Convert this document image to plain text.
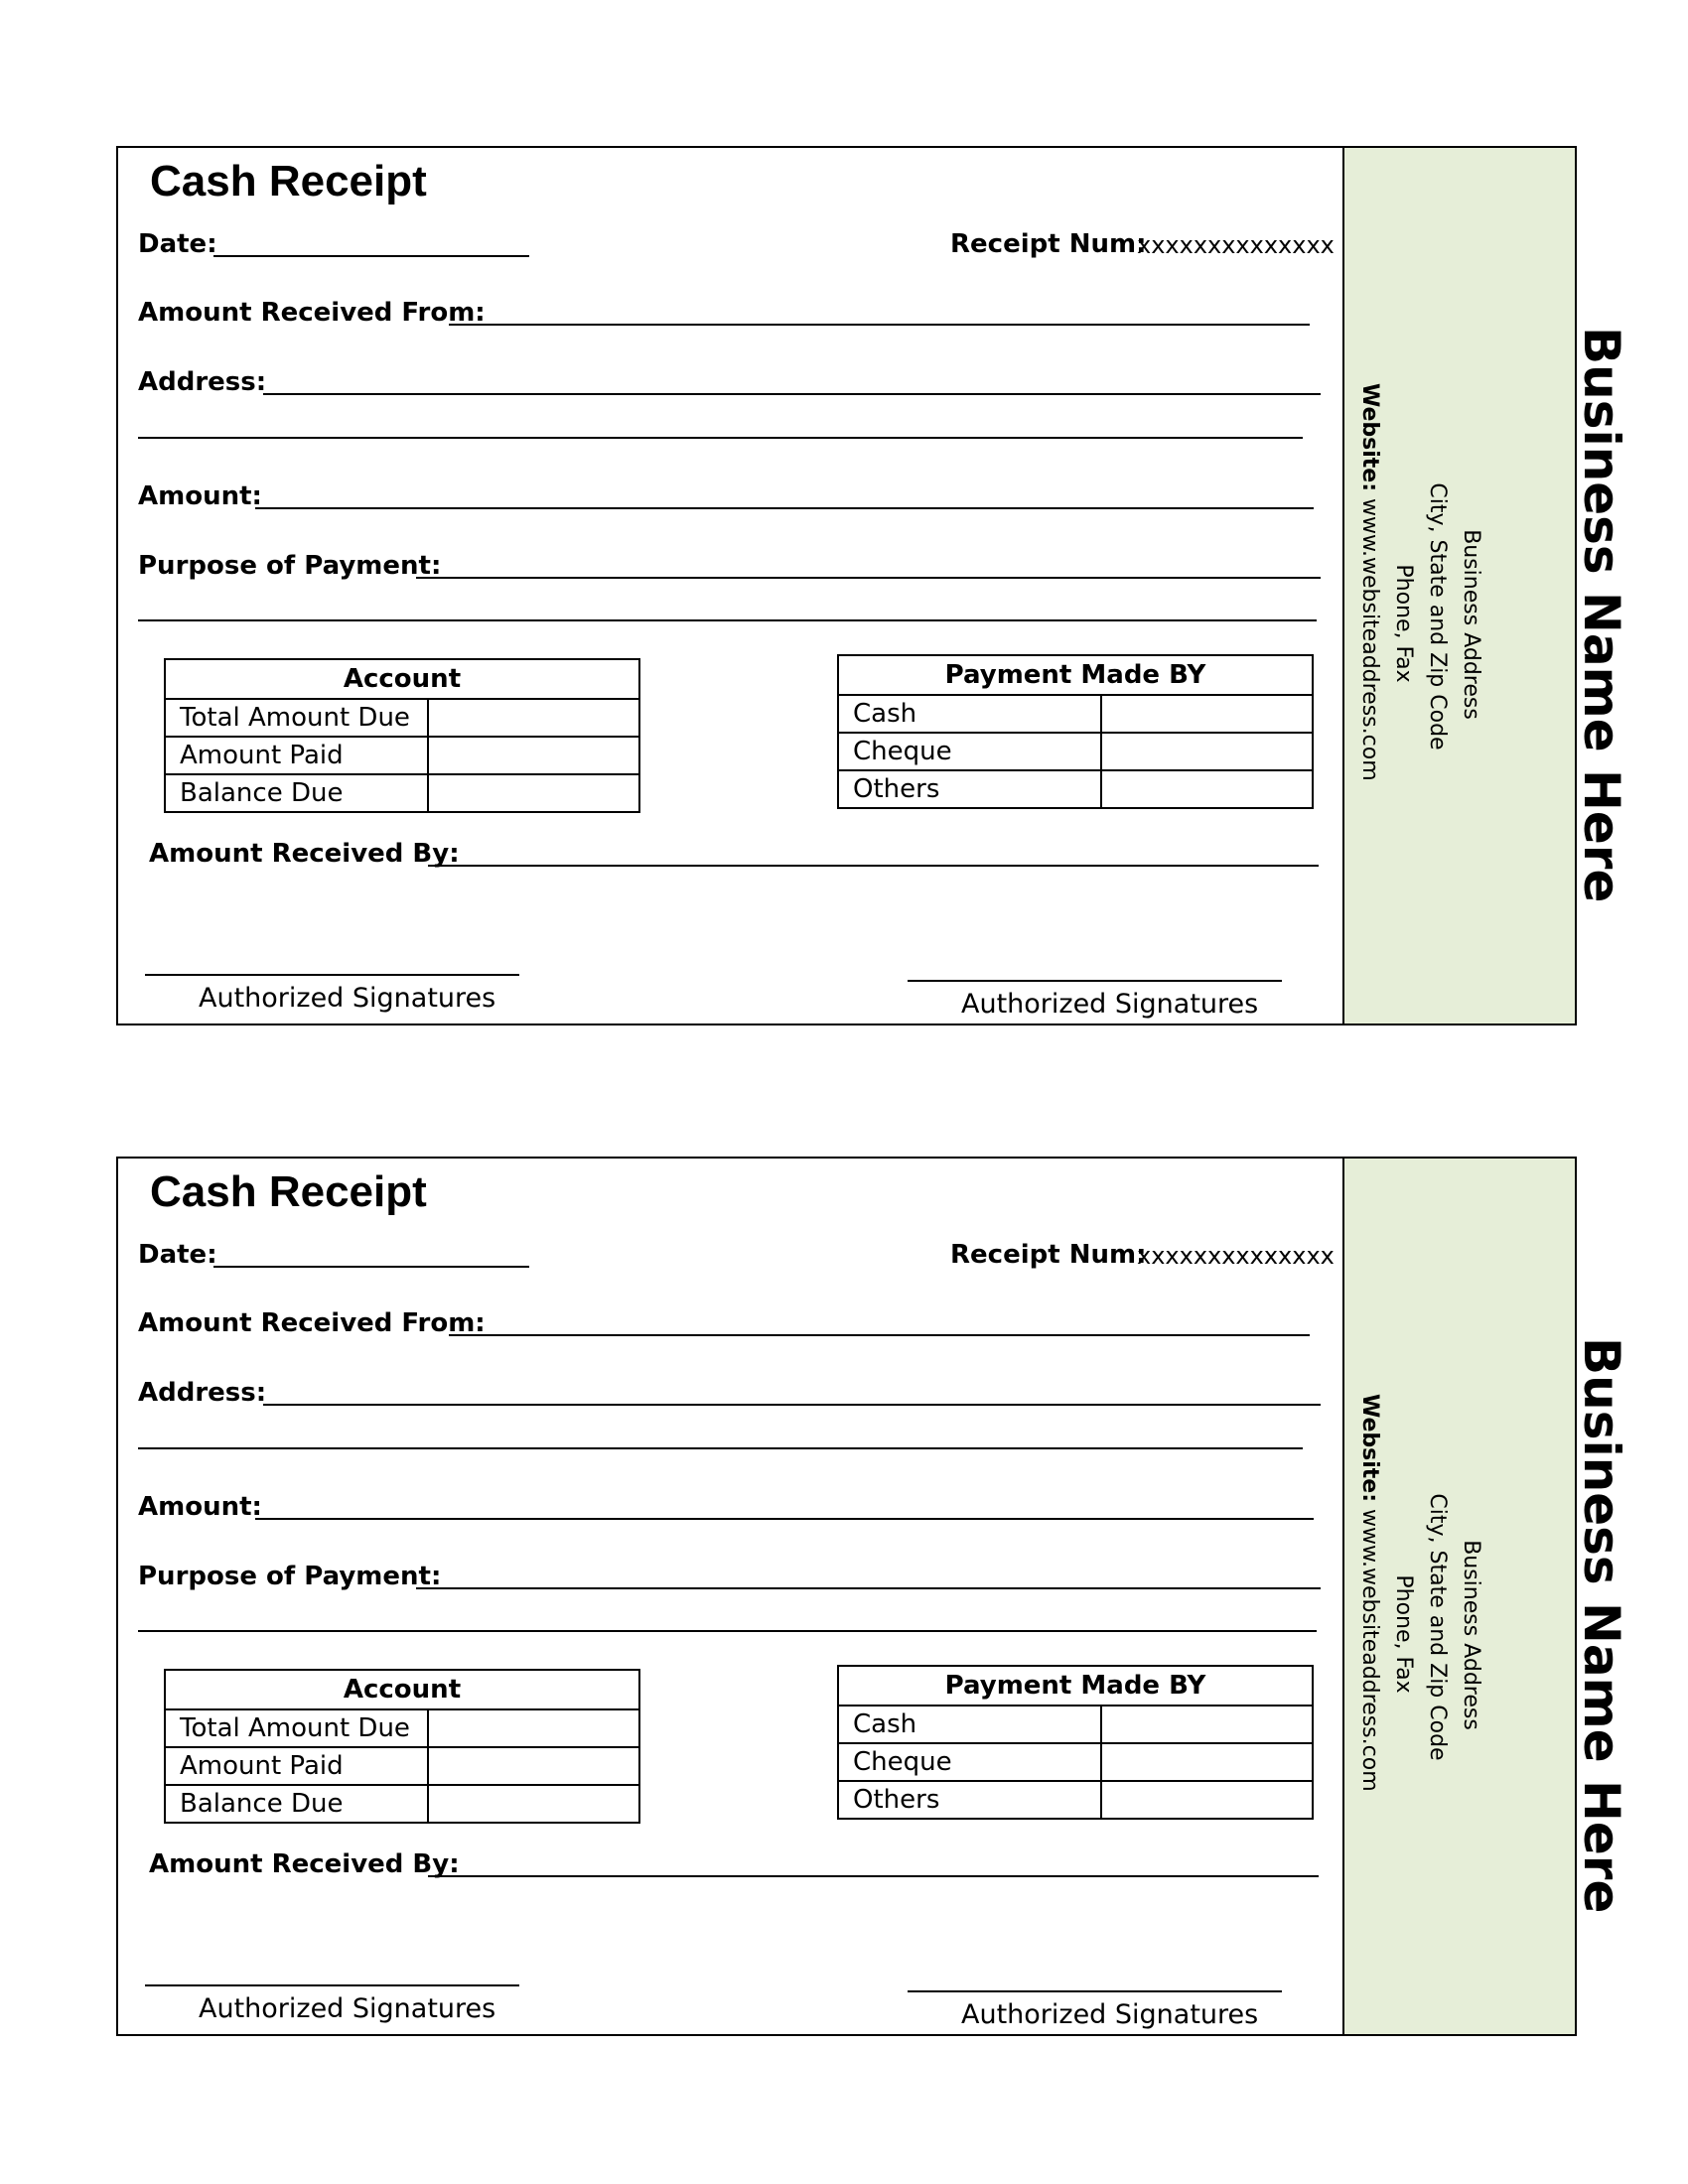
Cash Receipt
Date:	Receipt Num:
xxxxxxxxxxxxxx
Amount Received From:
Address:
Amount:
Purpose of Payment:
Account	
Total Amount Due	
Amount Paid	
Balance Due	
Payment Made BY	
Cash	
Cheque	
Others	
Amount Received By:
Authorized Signatures	Authorized Signatures
Business Name Here
Business Address
City, State and Zip Code
Phone, Fax
Website: www.websiteaddress.com
Cash Receipt
Date:	Receipt Num:
xxxxxxxxxxxxxx
Amount Received From:
Address:
Amount:
Purpose of Payment:
Account	
Total Amount Due	
Amount Paid	
Balance Due	
Payment Made BY	
Cash	
Cheque	
Others	
Amount Received By:
Authorized Signatures	Authorized Signatures
Business Name Here
Business Address
City, State and Zip Code
Phone, Fax
Website: www.websiteaddress.com
